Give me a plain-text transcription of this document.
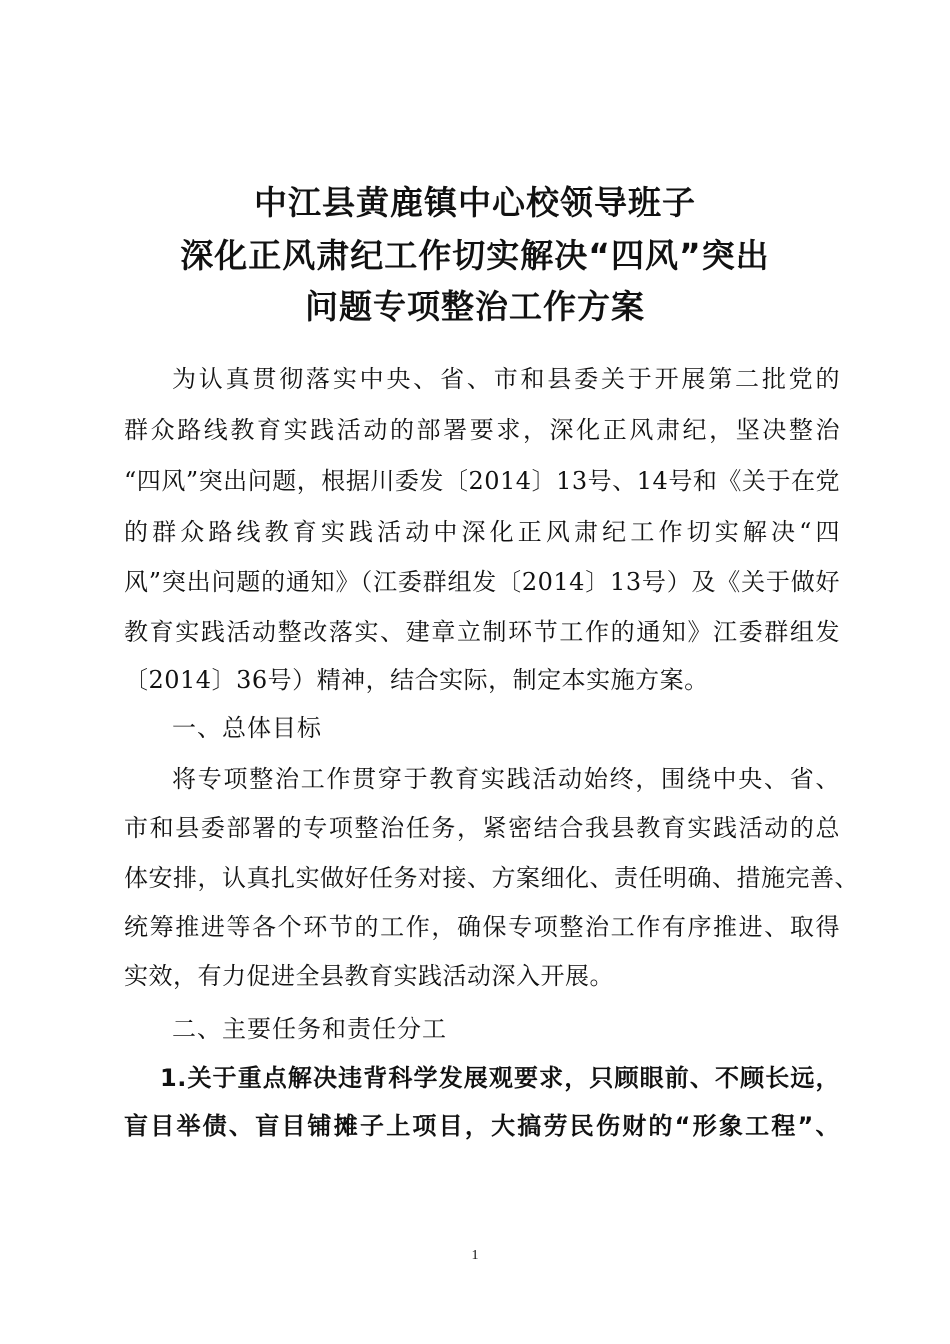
中江县黄鹿镇中心校领导班子
深化正风肃纪工作切实解决“四风”突出
问题专项整治工作方案
为认真贯彻落实中央、省、市和县委关于开展第二批党的
群众路线教育实践活动的部署要求，深化正风肃纪，坚决整治
“四风”突出问题，根据川委发〔2014〕13号、14号和《关于在党
的群众路线教育实践活动中深化正风肃纪工作切实解决“四
风”突出问题的通知》（江委群组发〔2014〕13号）及《关于做好
教育实践活动整改落实、建章立制环节工作的通知》江委群组发
〔2014〕36号）精神，结合实际，制定本实施方案。
一、总体目标
将专项整治工作贯穿于教育实践活动始终，围绕中央、省、
市和县委部署的专项整治任务，紧密结合我县教育实践活动的总
体安排，认真扎实做好任务对接、方案细化、责任明确、措施完善、
统筹推进等各个环节的工作，确保专项整治工作有序推进、取得
实效，有力促进全县教育实践活动深入开展。
二、主要任务和责任分工
1.关于重点解决违背科学发展观要求，只顾眼前、不顾长远，
盲目举债、盲目铺摊子上项目，大搞劳民伤财的“形象工程”、
1
